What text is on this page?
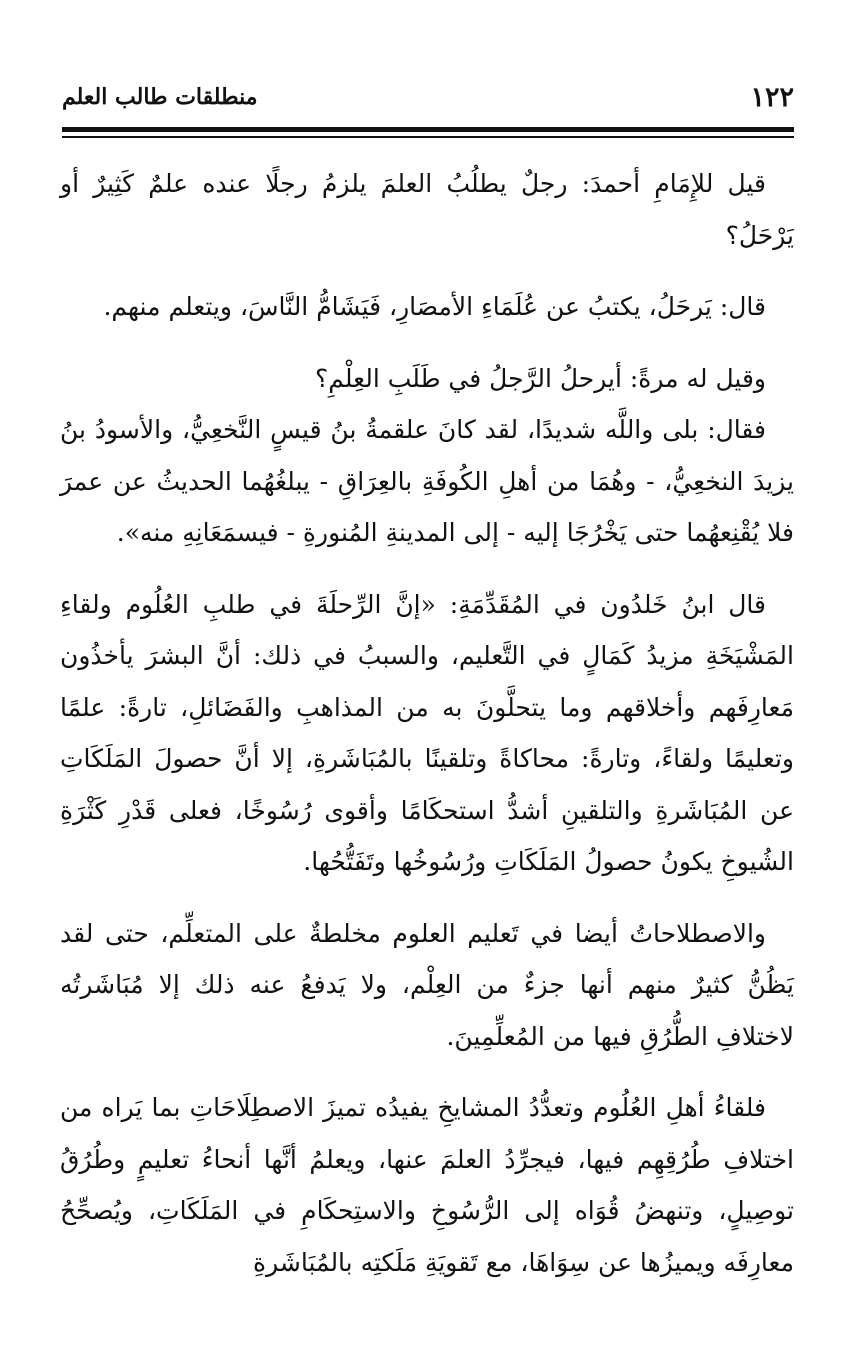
١٢٢
منطلقات طالب العلم

قيل للإِمَامِ أحمدَ: رجلٌ يطلُبُ العلمَ يلزمُ رجلًا عنده علمٌ كَثِيرٌ أو يَرْحَلُ؟

قال: يَرحَلُ، يكتبُ عن عُلَمَاءِ الأمصَارِ، فَيَشَامُّ النَّاسَ، ويتعلم منهم.

وقيل له مرةً: أيرحلُ الرَّجلُ في طَلَبِ العِلْمِ؟

فقال: بلى واللَّه شديدًا، لقد كانَ علقمةُ بنُ قيسٍ النَّخعِيُّ، والأسودُ بنُ يزيدَ النخعِيُّ، - وهُمَا من أهلِ الكُوفَةِ بالعِرَاقِ - يبلغُهُما الحديثُ عن عمرَ فلا يُقْنِعهُما حتى يَخْرُجَا إليه - إلى المدينةِ المُنورةِ - فيسمَعَانِهِ منه».

قال ابنُ خَلدُون في المُقَدِّمَةِ: «إنَّ الرِّحلَةَ في طلبِ العُلُوم ولقاءِ المَشْيَخَةِ مزيدُ كَمَالٍ في التَّعليم، والسببُ في ذلك: أنَّ البشرَ يأخذُون مَعارِفَهم وأخلاقهم وما يتحلَّونَ به من المذاهبِ والفَضَائلِ، تارةً: علمًا وتعليمًا ولقاءً، وتارةً: محاكاةً وتلقينًا بالمُبَاشَرةِ، إلا أنَّ حصولَ المَلَكَاتِ عن المُبَاشَرةِ والتلقينِ أشدُّ استحكَامًا وأقوى رُسُوخًا، فعلى قَدْرِ كَثْرَةِ الشُيوخِ يكونُ حصولُ المَلَكَاتِ ورُسُوخُها وتَفَتُّحُها.

والاصطلاحاتُ أيضا في تَعليم العلوم مخلطةٌ على المتعلِّم، حتى لقد يَظُنُّ كثيرٌ منهم أنها جزءٌ من العِلْم، ولا يَدفعُ عنه ذلك إلا مُبَاشَرتُه لاختلافِ الطُّرُقِ فيها من المُعلِّمِينَ.

فلقاءُ أهلِ العُلُوم وتعدُّدُ المشايخِ يفيدُه تميزَ الاصطِلَاحَاتِ بما يَراه من اختلافِ طُرُقِهِم فيها، فيجرِّدُ العلمَ عنها، ويعلمُ أنَّها أنحاءُ تعليمٍ وطُرُقُ توصِيلٍ، وتنهضُ قُوَاه إلى الرُّسُوخِ والاستِحكَامِ في المَلَكَاتِ، ويُصحِّحُ معارِفَه ويميزُها عن سِوَاهَا، مع تَقويَةِ مَلَكتِه بالمُبَاشَرةِ
